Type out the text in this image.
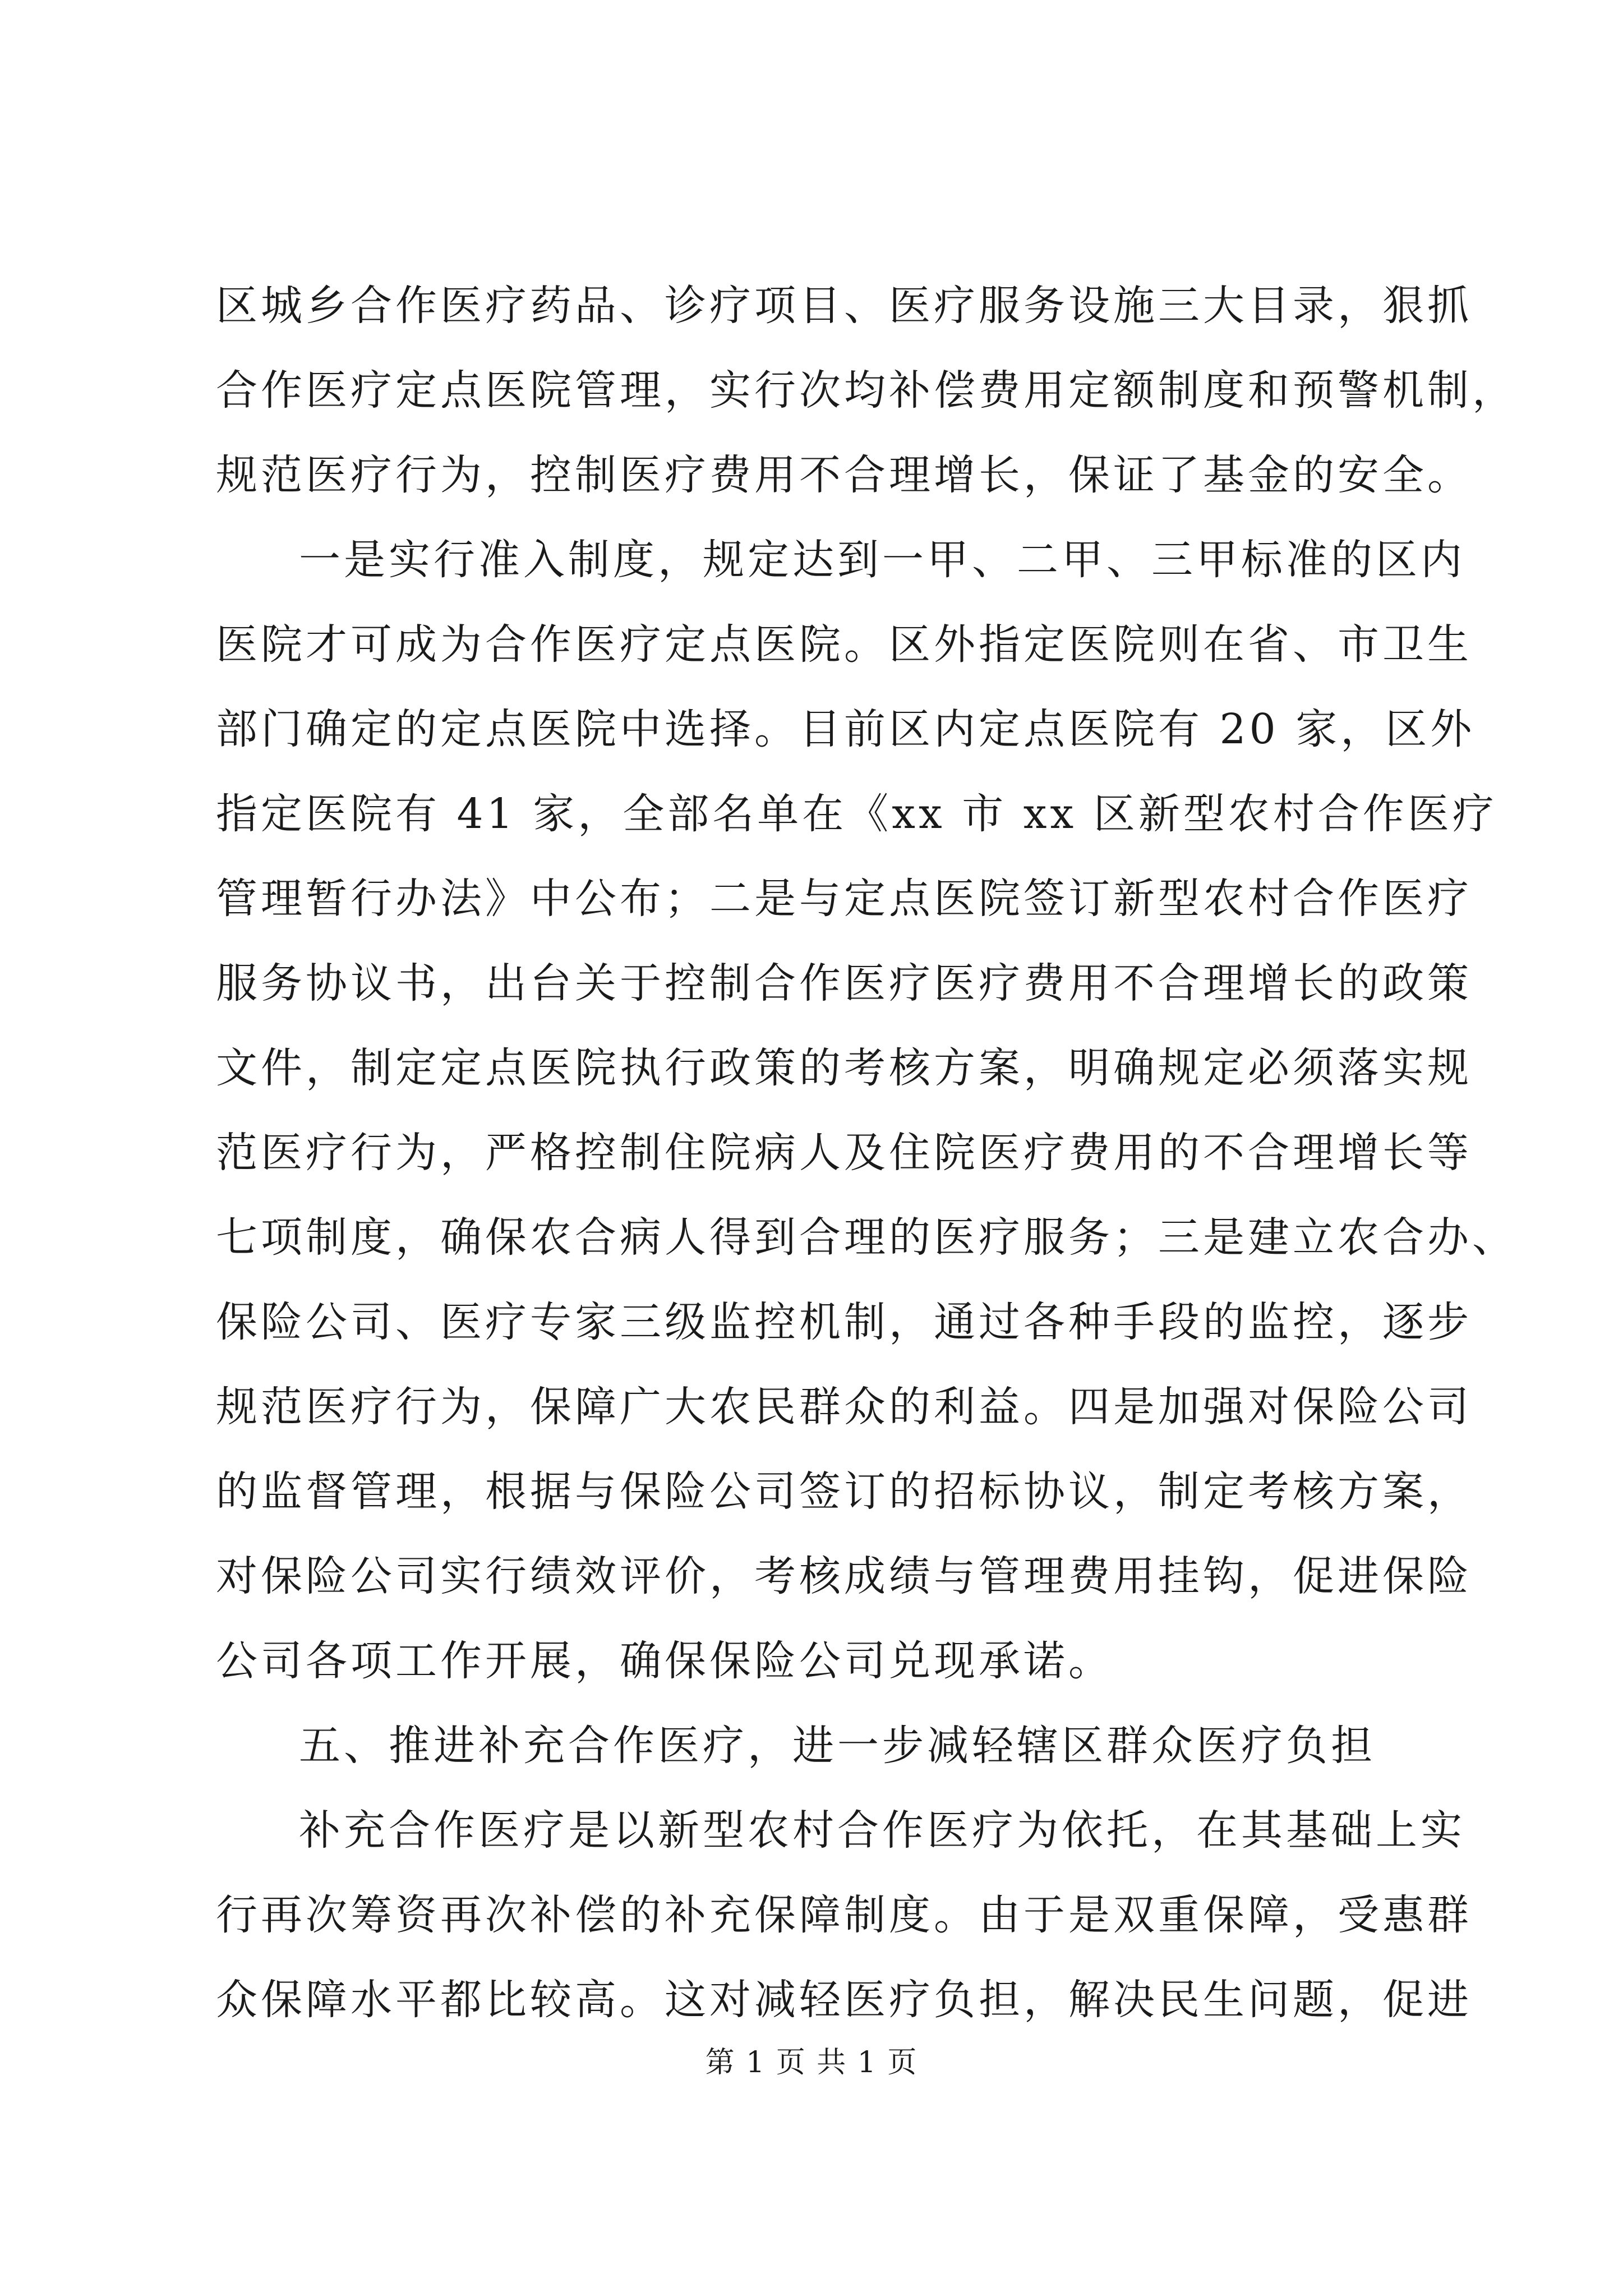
区城乡合作医疗药品、诊疗项目、医疗服务设施三大目录，狠抓
合作医疗定点医院管理，实行次均补偿费用定额制度和预警机制，
规范医疗行为，控制医疗费用不合理增长，保证了基金的安全。
一是实行准入制度，规定达到一甲、二甲、三甲标准的区内
医院才可成为合作医疗定点医院。区外指定医院则在省、市卫生
部门确定的定点医院中选择。目前区内定点医院有 20 家，区外
指定医院有 41 家，全部名单在《xx 市 xx 区新型农村合作医疗
管理暂行办法》中公布；二是与定点医院签订新型农村合作医疗
服务协议书，出台关于控制合作医疗医疗费用不合理增长的政策
文件，制定定点医院执行政策的考核方案，明确规定必须落实规
范医疗行为，严格控制住院病人及住院医疗费用的不合理增长等
七项制度，确保农合病人得到合理的医疗服务；三是建立农合办、
保险公司、医疗专家三级监控机制，通过各种手段的监控，逐步
规范医疗行为，保障广大农民群众的利益。四是加强对保险公司
的监督管理，根据与保险公司签订的招标协议，制定考核方案，
对保险公司实行绩效评价，考核成绩与管理费用挂钩，促进保险
公司各项工作开展，确保保险公司兑现承诺。
五、推进补充合作医疗，进一步减轻辖区群众医疗负担
补充合作医疗是以新型农村合作医疗为依托，在其基础上实
行再次筹资再次补偿的补充保障制度。由于是双重保障，受惠群
众保障水平都比较高。这对减轻医疗负担，解决民生问题，促进
第 1 页 共 1 页
